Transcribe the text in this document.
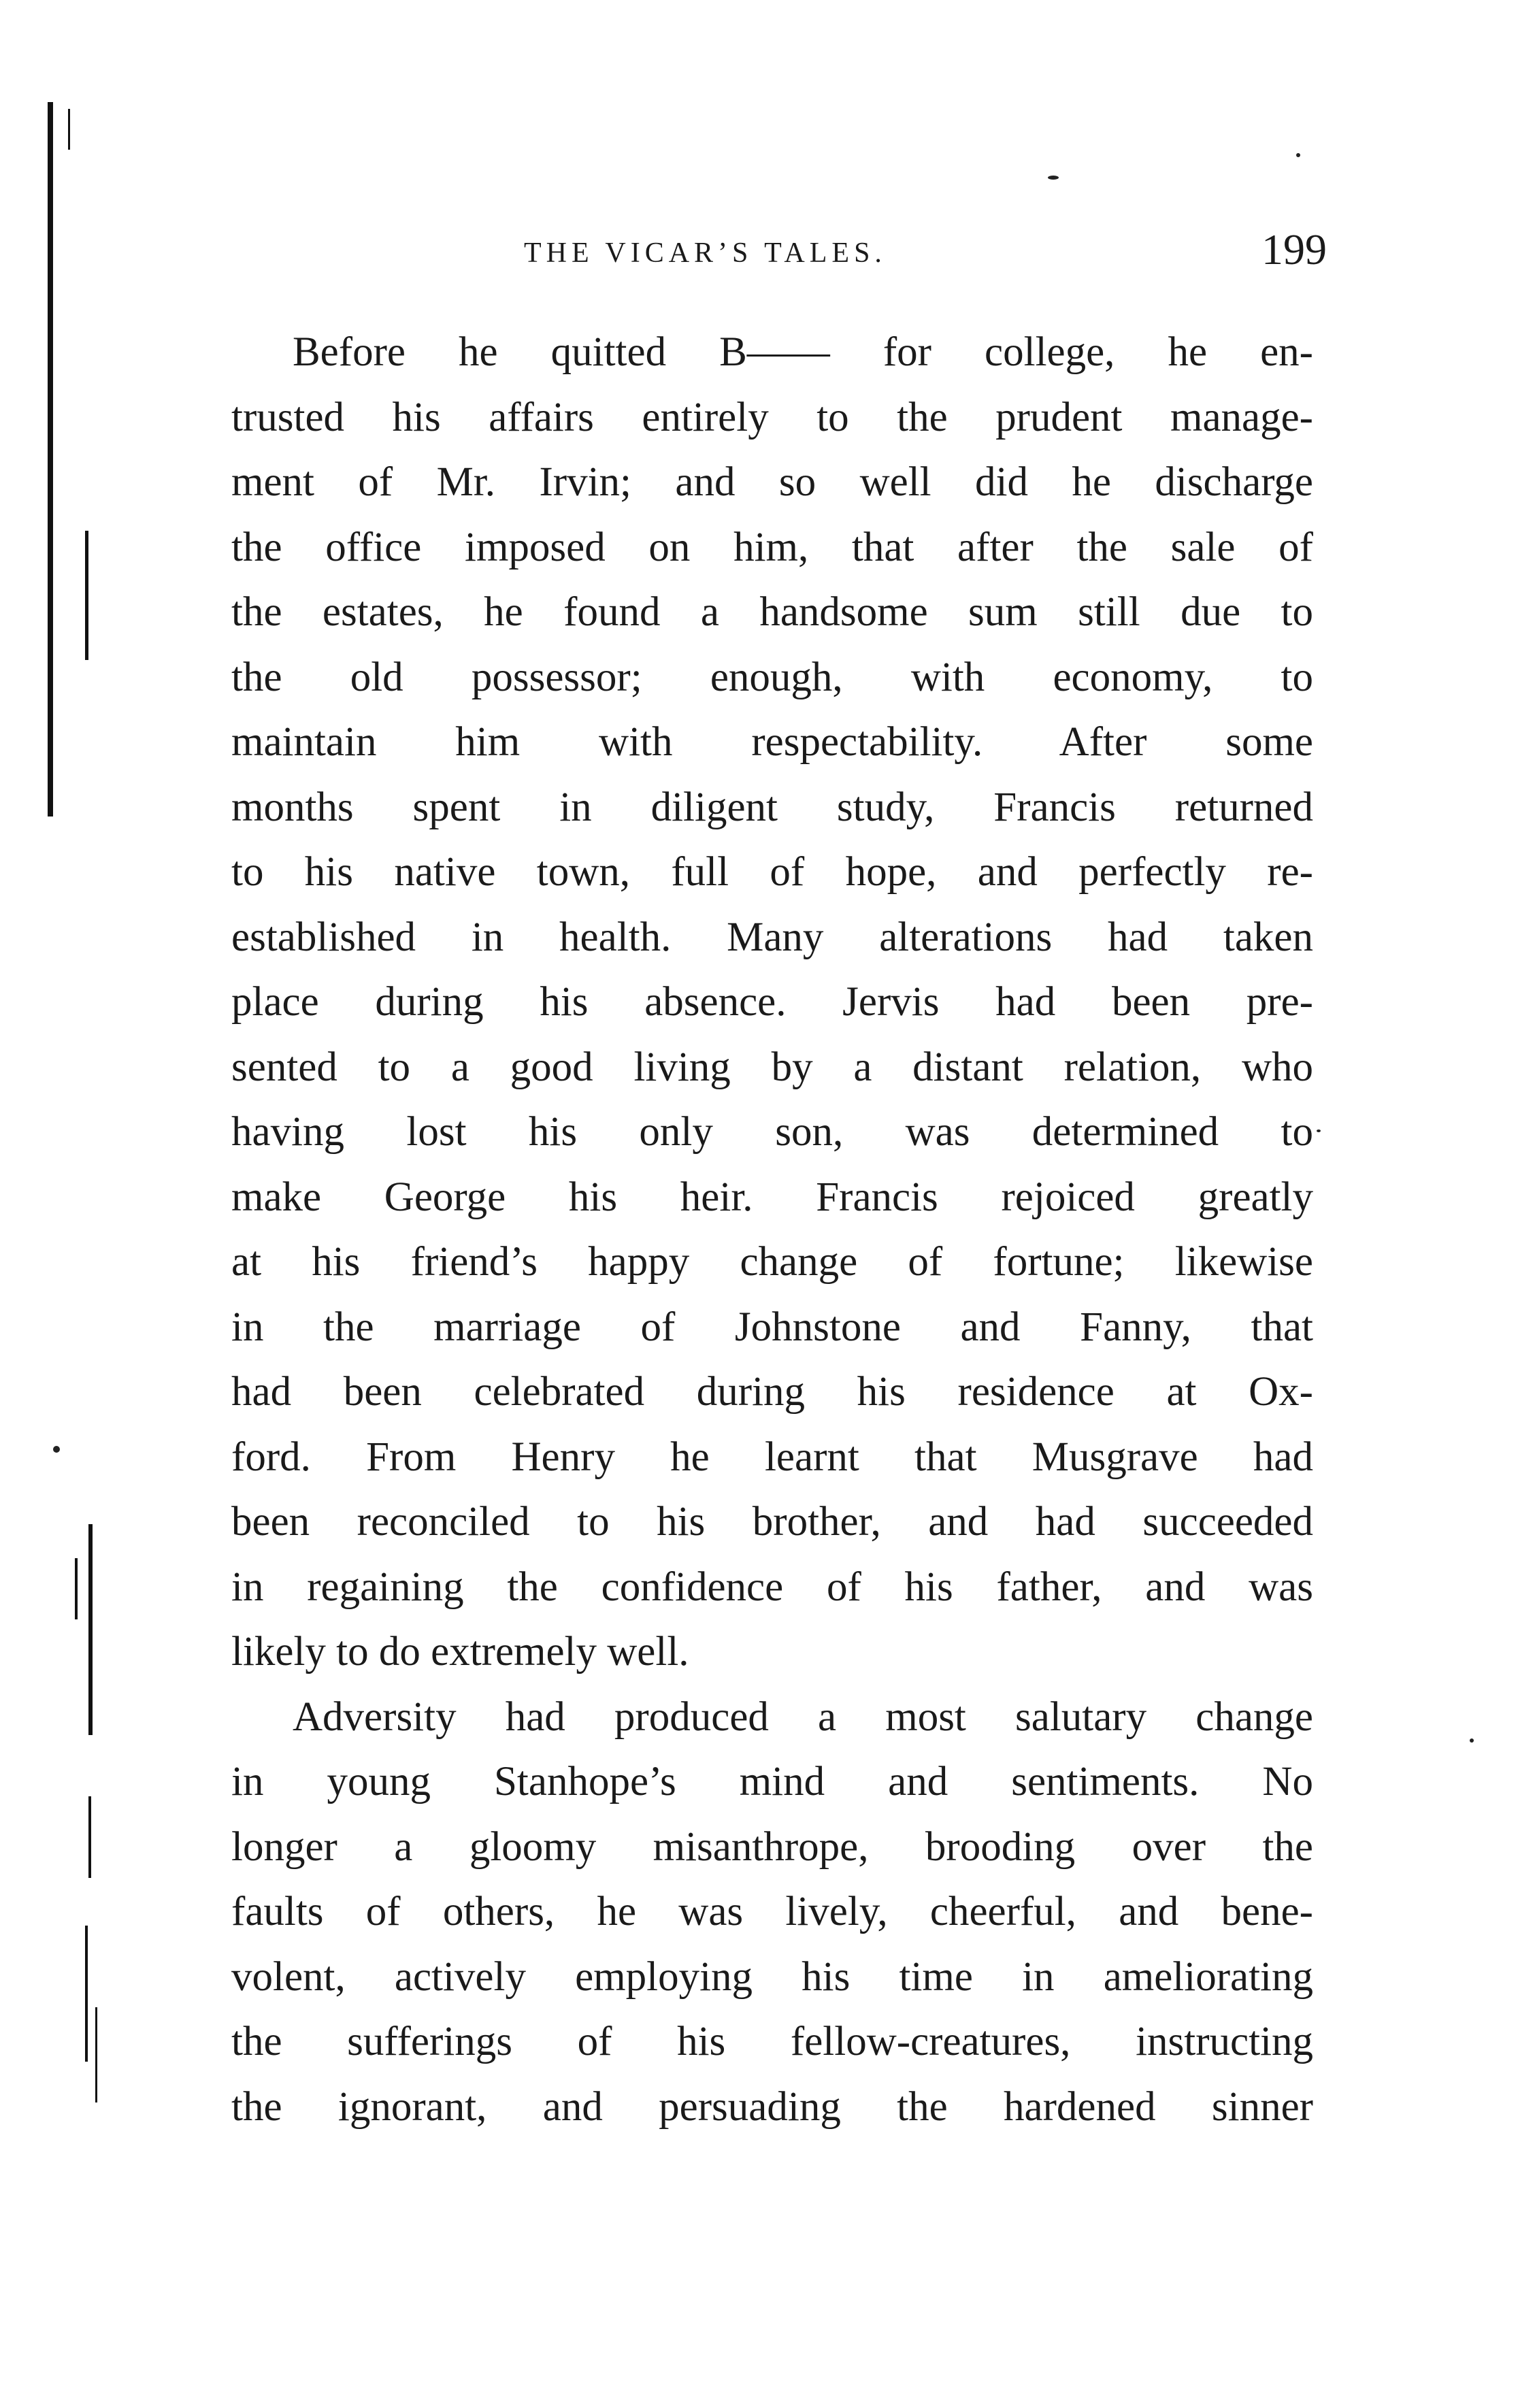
THE VICAR’S TALES.	199

Before he quitted B—— for college, he en-
trusted his affairs entirely to the prudent manage-
ment of Mr. Irvin; and so well did he discharge
the office imposed on him, that after the sale of
the estates, he found a handsome sum still due to
the old possessor; enough, with economy, to
maintain him with respectability. After some
months spent in diligent study, Francis returned
to his native town, full of hope, and perfectly re-
established in health. Many alterations had taken
place during his absence. Jervis had been pre-
sented to a good living by a distant relation, who
having lost his only son, was determined to
make George his heir. Francis rejoiced greatly
at his friend’s happy change of fortune; likewise
in the marriage of Johnstone and Fanny, that
had been celebrated during his residence at Ox-
ford. From Henry he learnt that Musgrave had
been reconciled to his brother, and had succeeded
in regaining the confidence of his father, and was
likely to do extremely well.

Adversity had produced a most salutary change
in young Stanhope’s mind and sentiments. No
longer a gloomy misanthrope, brooding over the
faults of others, he was lively, cheerful, and bene-
volent, actively employing his time in ameliorating
the sufferings of his fellow-creatures, instructing
the ignorant, and persuading the hardened sinner
